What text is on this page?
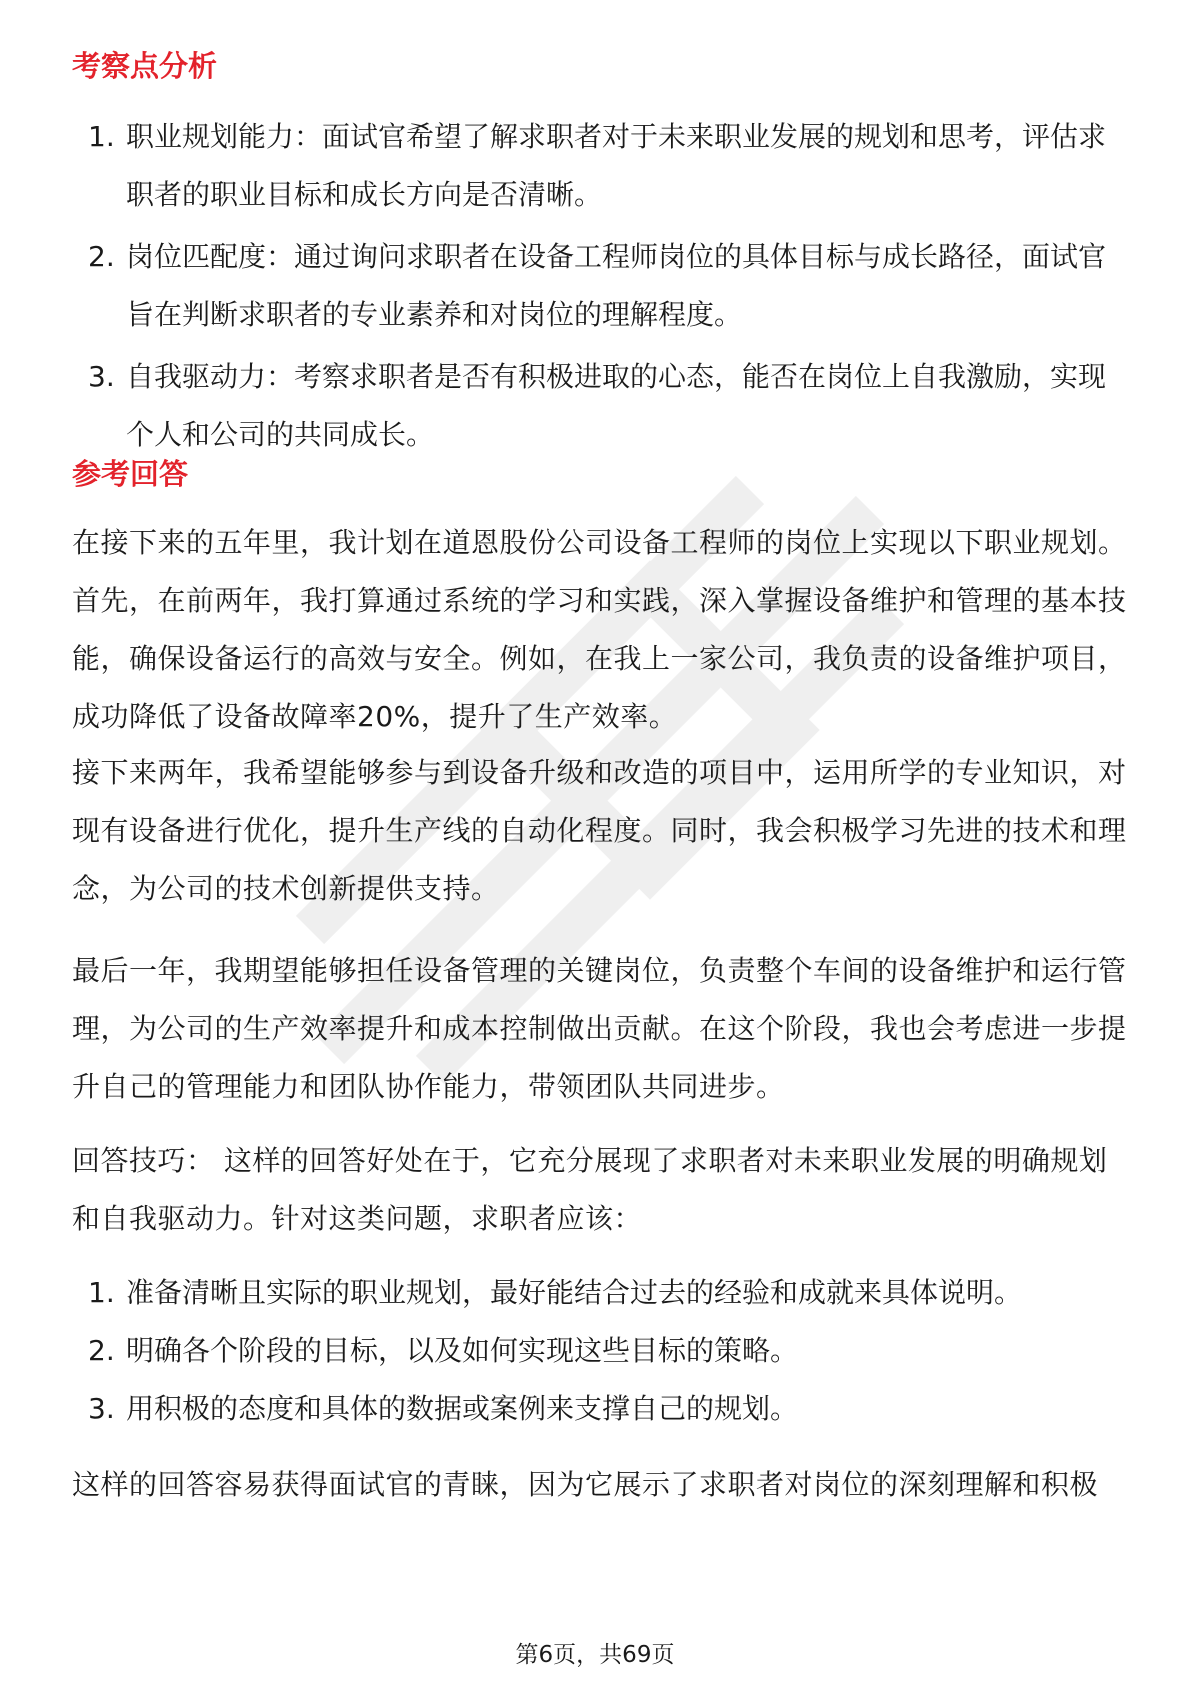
考察点分析
1. 职业规划能力：面试官希望了解求职者对于未来职业发展的规划和思考，评估求职者的职业目标和成长方向是否清晰。
2. 岗位匹配度：通过询问求职者在设备工程师岗位的具体目标与成长路径，面试官旨在判断求职者的专业素养和对岗位的理解程度。
3. 自我驱动力：考察求职者是否有积极进取的心态，能否在岗位上自我激励，实现个人和公司的共同成长。
参考回答

在接下来的五年里，我计划在道恩股份公司设备工程师的岗位上实现以下职业规划。首先，在前两年，我打算通过系统的学习和实践，深入掌握设备维护和管理的基本技能，确保设备运行的高效与安全。例如，在我上一家公司，我负责的设备维护项目，成功降低了设备故障率20%，提升了生产效率。

接下来两年，我希望能够参与到设备升级和改造的项目中，运用所学的专业知识，对现有设备进行优化，提升生产线的自动化程度。同时，我会积极学习先进的技术和理念，为公司的技术创新提供支持。

最后一年，我期望能够担任设备管理的关键岗位，负责整个车间的设备维护和运行管理，为公司的生产效率提升和成本控制做出贡献。在这个阶段，我也会考虑进一步提升自己的管理能力和团队协作能力，带领团队共同进步。

回答技巧： 这样的回答好处在于，它充分展现了求职者对未来职业发展的明确规划和自我驱动力。针对这类问题，求职者应该：

1. 准备清晰且实际的职业规划，最好能结合过去的经验和成就来具体说明。
2. 明确各个阶段的目标，以及如何实现这些目标的策略。
3. 用积极的态度和具体的数据或案例来支撑自己的规划。

这样的回答容易获得面试官的青睐，因为它展示了求职者对岗位的深刻理解和积极

第6页，共69页
